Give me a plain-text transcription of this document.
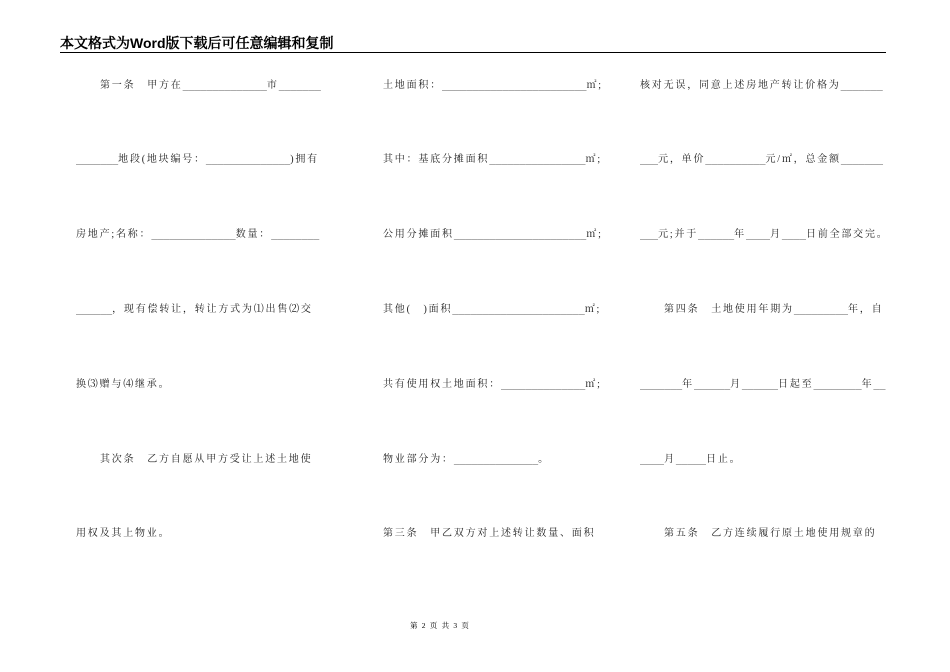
本文格式为Word版下载后可任意编辑和复制
第一条　甲方在______________市_______
_______地段(地块编号：______________)拥有
房地产;名称：______________数量：________
______，现有偿转让，转让方式为⑴出售⑵交
换⑶赠与⑷继承。
其次条　乙方自愿从甲方受让上述土地使
用权及其上物业。
土地面积：________________________㎡;
其中：基底分摊面积________________㎡;
公用分摊面积______________________㎡;
其他(　)面积______________________㎡;
共有使用权土地面积：______________㎡;
物业部分为：______________。
第三条　甲乙双方对上述转让数量、面积
核对无误，同意上述房地产转让价格为_______
___元，单价__________元/㎡，总金额_______
___元;并于______年____月____日前全部交完。
第四条　土地使用年期为_________年，自
_______年______月______日起至________年__
____月_____日止。
第五条　乙方连续履行原土地使用规章的
第 2 页 共 3 页
